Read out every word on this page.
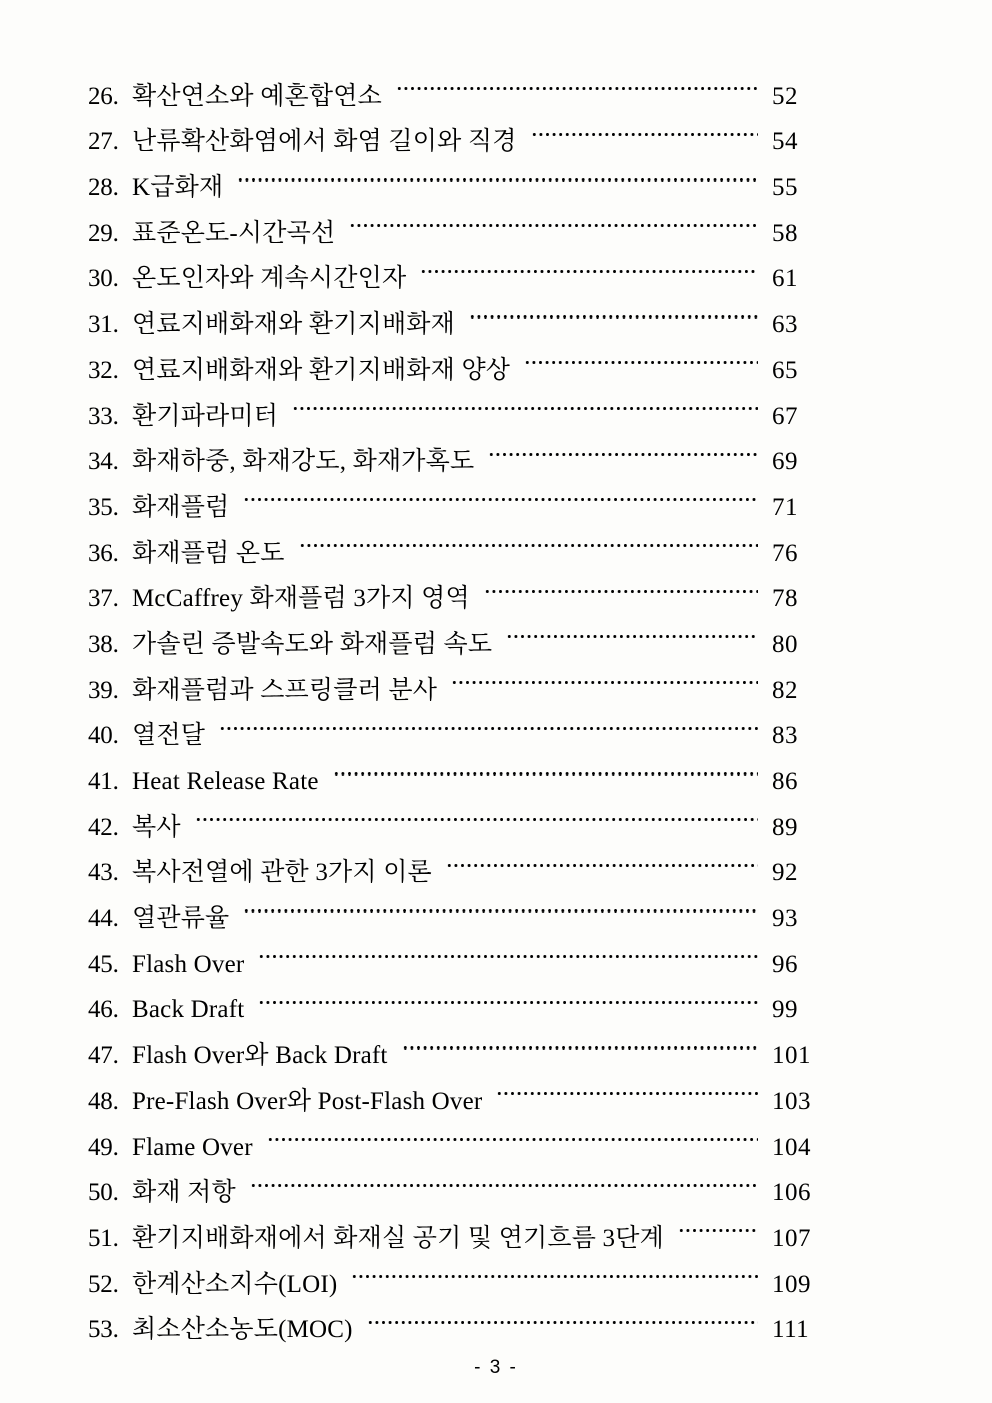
26. 확산연소와 예혼합연소	52
27. 난류확산화염에서 화염 길이와 직경	54
28. K급화재	55
29. 표준온도-시간곡선	58
30. 온도인자와 계속시간인자	61
31. 연료지배화재와 환기지배화재	63
32. 연료지배화재와 환기지배화재 양상	65
33. 환기파라미터	67
34. 화재하중, 화재강도, 화재가혹도	69
35. 화재플럼	71
36. 화재플럼 온도	76
37. McCaffrey 화재플럼 3가지 영역	78
38. 가솔린 증발속도와 화재플럼 속도	80
39. 화재플럼과 스프링클러 분사	82
40. 열전달	83
41. Heat Release Rate	86
42. 복사	89
43. 복사전열에 관한 3가지 이론	92
44. 열관류율	93
45. Flash Over	96
46. Back Draft	99
47. Flash Over와 Back Draft	101
48. Pre-Flash Over와 Post-Flash Over	103
49. Flame Over	104
50. 화재 저항	106
51. 환기지배화재에서 화재실 공기 및 연기흐름 3단계	107
52. 한계산소지수(LOI)	109
53. 최소산소농도(MOC)	111
- 3 -
